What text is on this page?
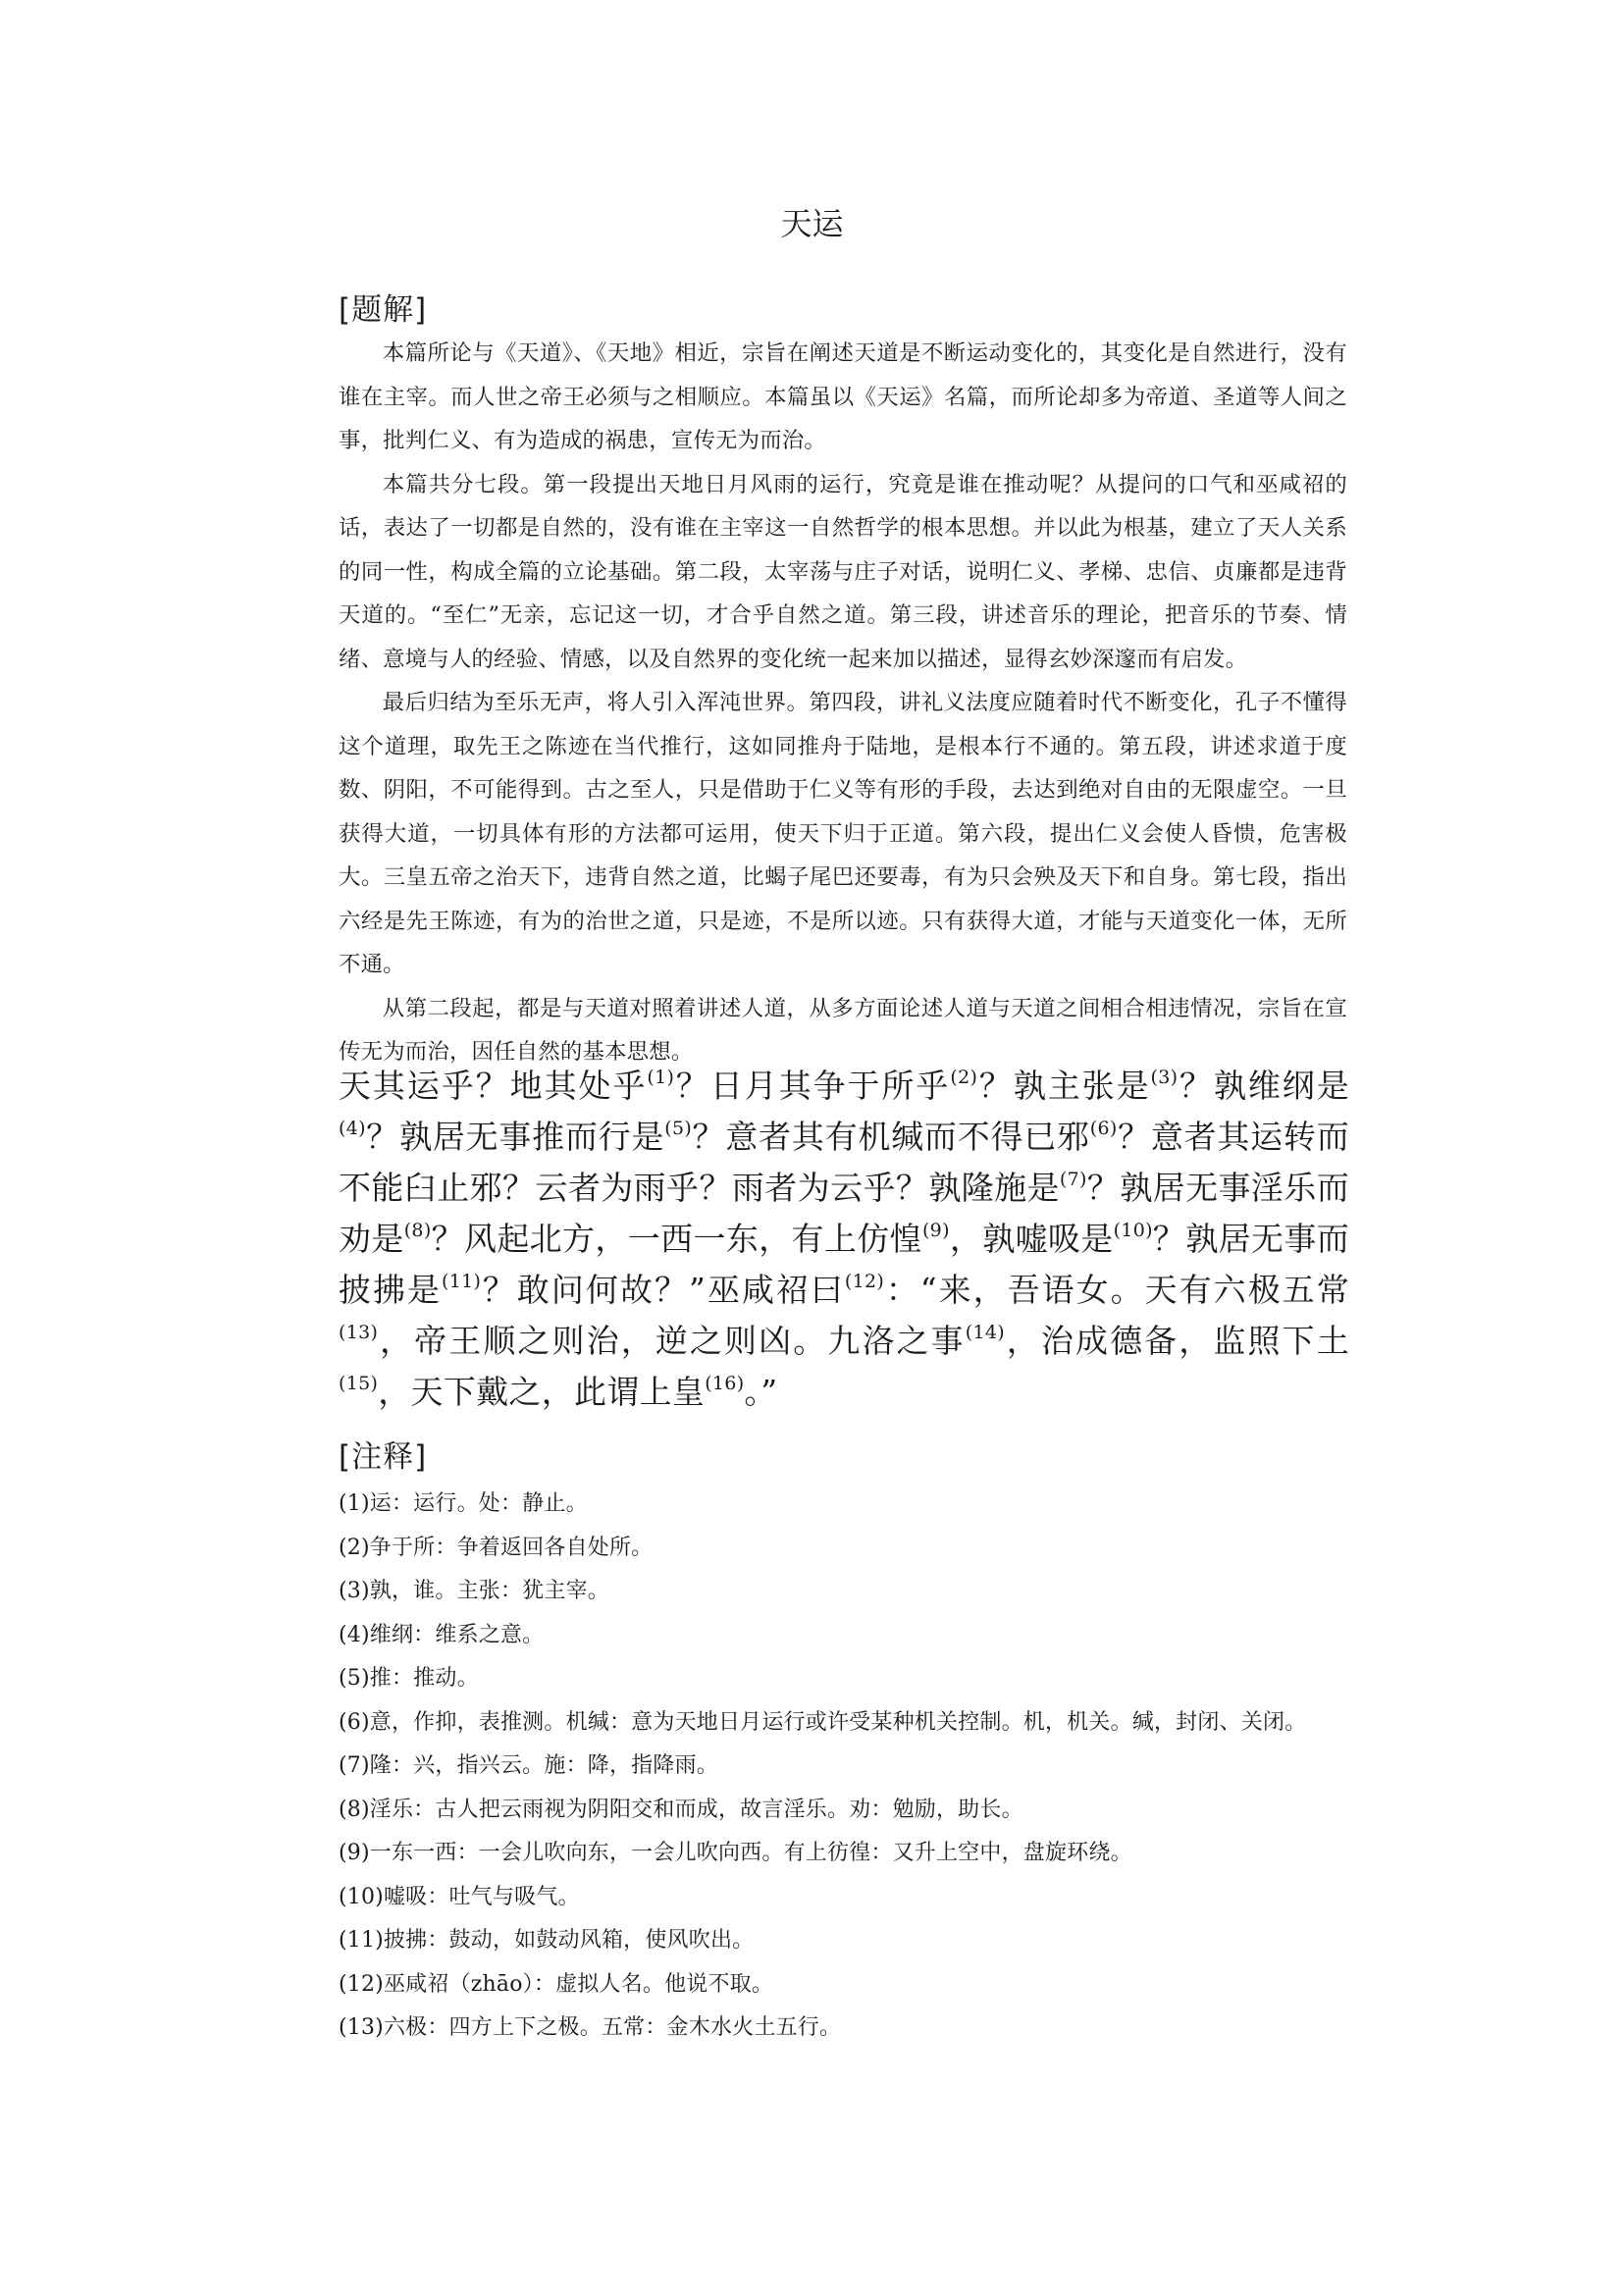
天运
[题解]

本篇所论与《天道》、《天地》相近，宗旨在阐述天道是不断运动变化的，其变化是自然进行，没有谁在主宰。而人世之帝王必须与之相顺应。本篇虽以《天运》名篇，而所论却多为帝道、圣道等人间之事，批判仁义、有为造成的祸患，宣传无为而治。

本篇共分七段。第一段提出天地日月风雨的运行，究竟是谁在推动呢？从提问的口气和巫咸祒的话，表达了一切都是自然的，没有谁在主宰这一自然哲学的根本思想。并以此为根基，建立了天人关系的同一性，构成全篇的立论基础。第二段，太宰荡与庄子对话，说明仁义、孝梯、忠信、贞廉都是违背天道的。“至仁”无亲，忘记这一切，才合乎自然之道。第三段，讲述音乐的理论，把音乐的节奏、情绪、意境与人的经验、情感，以及自然界的变化统一起来加以描述，显得玄妙深邃而有启发。

最后归结为至乐无声，将人引入浑沌世界。第四段，讲礼义法度应随着时代不断变化，孔子不懂得这个道理，取先王之陈迹在当代推行，这如同推舟于陆地，是根本行不通的。第五段，讲述求道于度数、阴阳，不可能得到。古之至人，只是借助于仁义等有形的手段，去达到绝对自由的无限虚空。一旦获得大道，一切具体有形的方法都可运用，使天下归于正道。第六段，提出仁义会使人昏愦，危害极大。三皇五帝之治天下，违背自然之道，比蝎子尾巴还要毒，有为只会殃及天下和自身。第七段，指出六经是先王陈迹，有为的治世之道，只是迹，不是所以迹。只有获得大道，才能与天道变化一体，无所不通。

从第二段起，都是与天道对照着讲述人道，从多方面论述人道与天道之间相合相违情况，宗旨在宣传无为而治，因任自然的基本思想。

天其运乎？地其处乎$^{(1)}$？日月其争于所乎$^{(2)}$？孰主张是$^{(3)}$？孰维纲是$^{(4)}$？孰居无事推而行是$^{(5)}$？意者其有机缄而不得已邪$^{(6)}$？意者其运转而不能臼止邪？云者为雨乎？雨者为云乎？孰隆施是$^{(7)}$？孰居无事淫乐而劝是$^{(8)}$？风起北方，一西一东，有上仿惶$^{(9)}$，孰嘘吸是$^{(10)}$？孰居无事而披拂是$^{(11)}$？敢问何故？”巫咸祒曰$^{(12)}$：“来，吾语女。天有六极五常$^{(13)}$，帝王顺之则治，逆之则凶。九洛之事$^{(14)}$，治成德备，监照下土$^{(15)}$，天下戴之，此谓上皇$^{(16)}$。”

[注释]

(1)运：运行。处：静止。

(2)争于所：争着返回各自处所。

(3)孰，谁。主张：犹主宰。

(4)维纲：维系之意。

(5)推：推动。

(6)意，作抑，表推测。机缄：意为天地日月运行或许受某种机关控制。机，机关。缄，封闭、关闭。

(7)隆：兴，指兴云。施：降，指降雨。

(8)淫乐：古人把云雨视为阴阳交和而成，故言淫乐。劝：勉励，助长。

(9)一东一西：一会儿吹向东，一会儿吹向西。有上彷徨：又升上空中，盘旋环绕。

(10)嘘吸：吐气与吸气。

(11)披拂：鼓动，如鼓动风箱，使风吹出。

(12)巫咸祒（zhāo）：虚拟人名。他说不取。

(13)六极：四方上下之极。五常：金木水火土五行。
